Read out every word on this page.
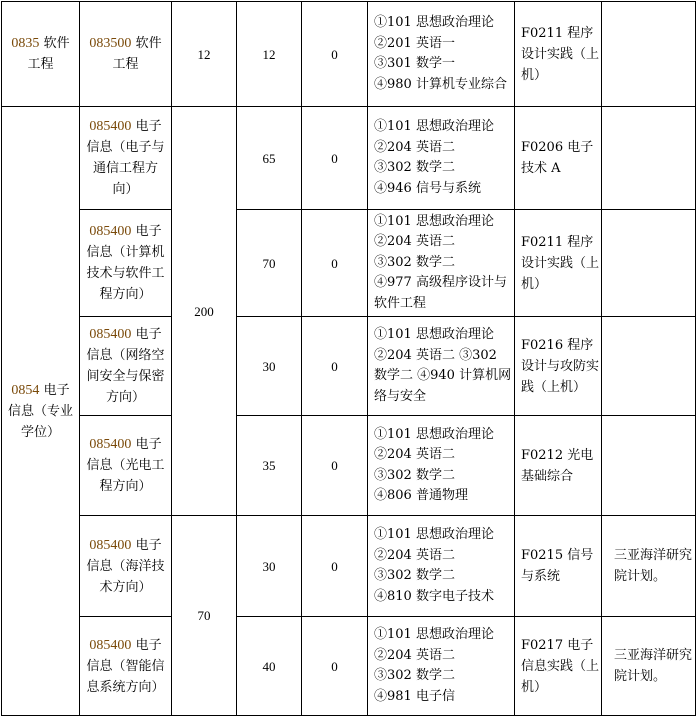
0835 软件工程	083500 软件工程	12	12	0	①101 思想政治理论
②201 英语一
③301 数学一
④980 计算机专业综合	F0211 程序设计实践（上机）	
0854 电子信息（专业学位）	085400 电子信息（电子与通信工程方向）	200	65	0	①101 思想政治理论
②204 英语二
③302 数学二
④946 信号与系统	F0206 电子技术 A	
	085400 电子信息（计算机技术与软件工程方向）		70	0	①101 思想政治理论
②204 英语二
③302 数学二
④977 高级程序设计与软件工程	F0211 程序设计实践（上机）	
	085400 电子信息（网络空间安全与保密方向）		30	0	①101 思想政治理论
②204 英语二 ③302 数学二 ④940 计算机网络与安全	F0216 程序设计与攻防实践（上机）	
	085400 电子信息（光电工程方向）		35	0	①101 思想政治理论
②204 英语二
③302 数学二
④806 普通物理	F0212 光电基础综合	
	085400 电子信息（海洋技术方向）	70	30	0	①101 思想政治理论
②204 英语二
③302 数学二
④810 数字电子技术	F0215 信号与系统	三亚海洋研究院计划。
	085400 电子信息（智能信息系统方向）		40	0	①101 思想政治理论
②204 英语二
③302 数学二
④981 电子信	F0217 电子信息实践（上机）	三亚海洋研究院计划。
